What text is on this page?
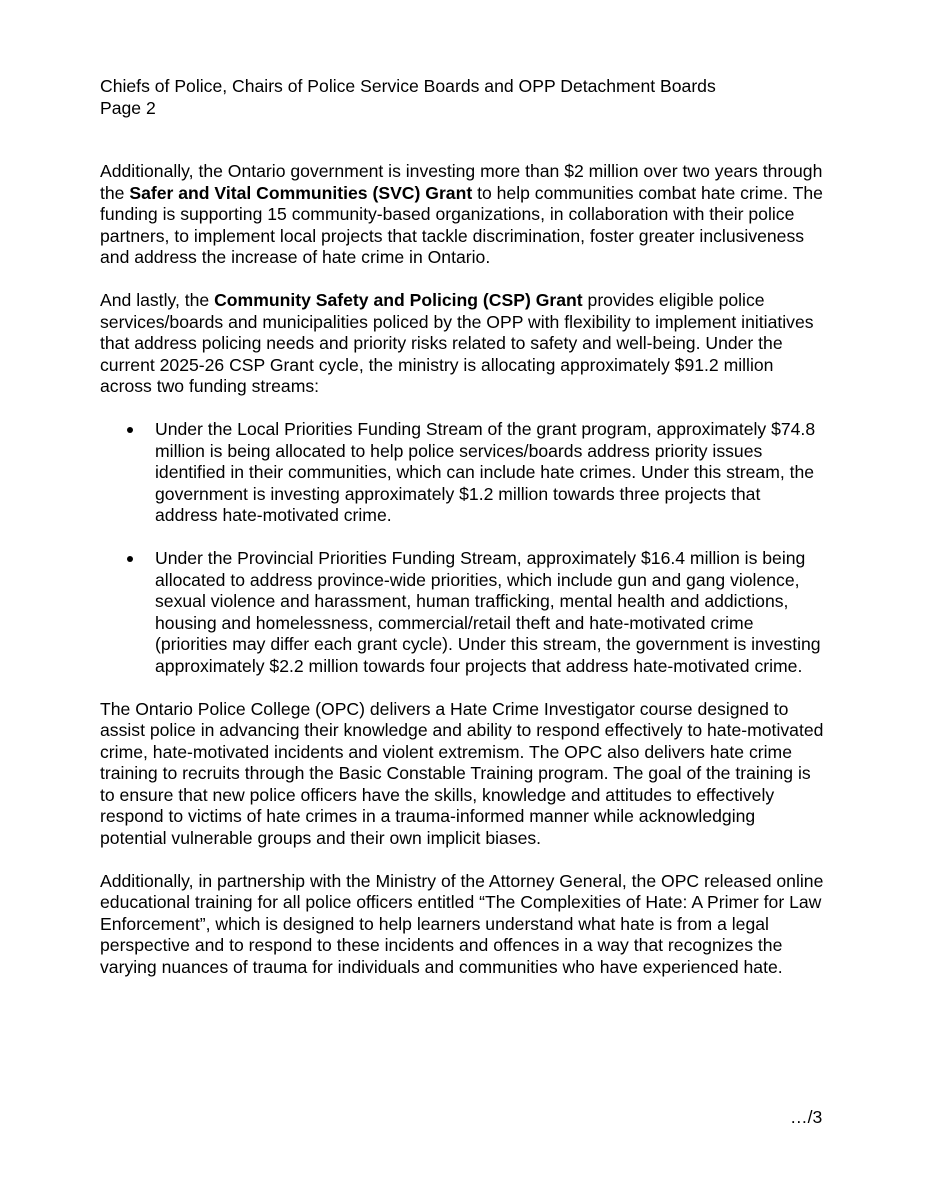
Chiefs of Police, Chairs of Police Service Boards and OPP Detachment Boards
Page 2

Additionally, the Ontario government is investing more than $2 million over two years through the Safer and Vital Communities (SVC) Grant to help communities combat hate crime. The funding is supporting 15 community-based organizations, in collaboration with their police partners, to implement local projects that tackle discrimination, foster greater inclusiveness and address the increase of hate crime in Ontario.

And lastly, the Community Safety and Policing (CSP) Grant provides eligible police services/boards and municipalities policed by the OPP with flexibility to implement initiatives that address policing needs and priority risks related to safety and well-being. Under the current 2025-26 CSP Grant cycle, the ministry is allocating approximately $91.2 million across two funding streams:

Under the Local Priorities Funding Stream of the grant program, approximately $74.8 million is being allocated to help police services/boards address priority issues identified in their communities, which can include hate crimes. Under this stream, the government is investing approximately $1.2 million towards three projects that address hate-motivated crime.
Under the Provincial Priorities Funding Stream, approximately $16.4 million is being allocated to address province-wide priorities, which include gun and gang violence, sexual violence and harassment, human trafficking, mental health and addictions, housing and homelessness, commercial/retail theft and hate-motivated crime (priorities may differ each grant cycle). Under this stream, the government is investing approximately $2.2 million towards four projects that address hate-motivated crime.

The Ontario Police College (OPC) delivers a Hate Crime Investigator course designed to assist police in advancing their knowledge and ability to respond effectively to hate-motivated crime, hate-motivated incidents and violent extremism. The OPC also delivers hate crime training to recruits through the Basic Constable Training program. The goal of the training is to ensure that new police officers have the skills, knowledge and attitudes to effectively respond to victims of hate crimes in a trauma-informed manner while acknowledging potential vulnerable groups and their own implicit biases.

Additionally, in partnership with the Ministry of the Attorney General, the OPC released online educational training for all police officers entitled “The Complexities of Hate: A Primer for Law Enforcement”, which is designed to help learners understand what hate is from a legal perspective and to respond to these incidents and offences in a way that recognizes the varying nuances of trauma for individuals and communities who have experienced hate.

…/3
